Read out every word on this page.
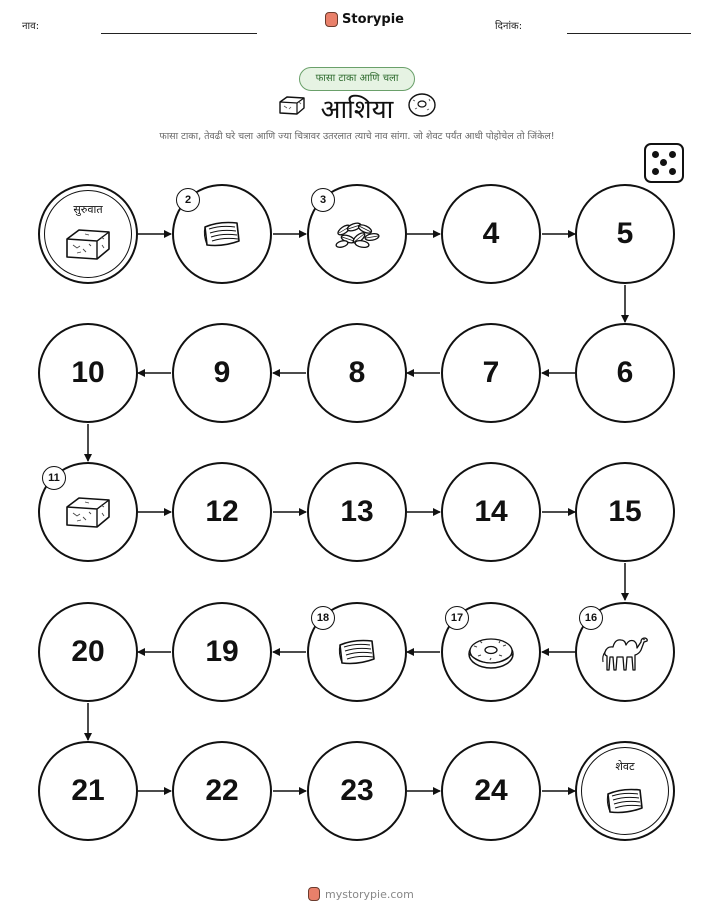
नाव:	Storypie	दिनांक:
फासा टाका आणि चला
आशिया
फासा टाका, तेवढी घरे चला आणि ज्या चित्रावर उतरलात त्याचे नाव सांगा. जो शेवट पर्यंत आधी पोहोचेल तो जिंकेल!
सुरुवात
2	3
4	5
6
7
8
9
10
11
12	13	14	15
16
17
18
19
20
21	22	23	24
शेवट
mystorypie.com
